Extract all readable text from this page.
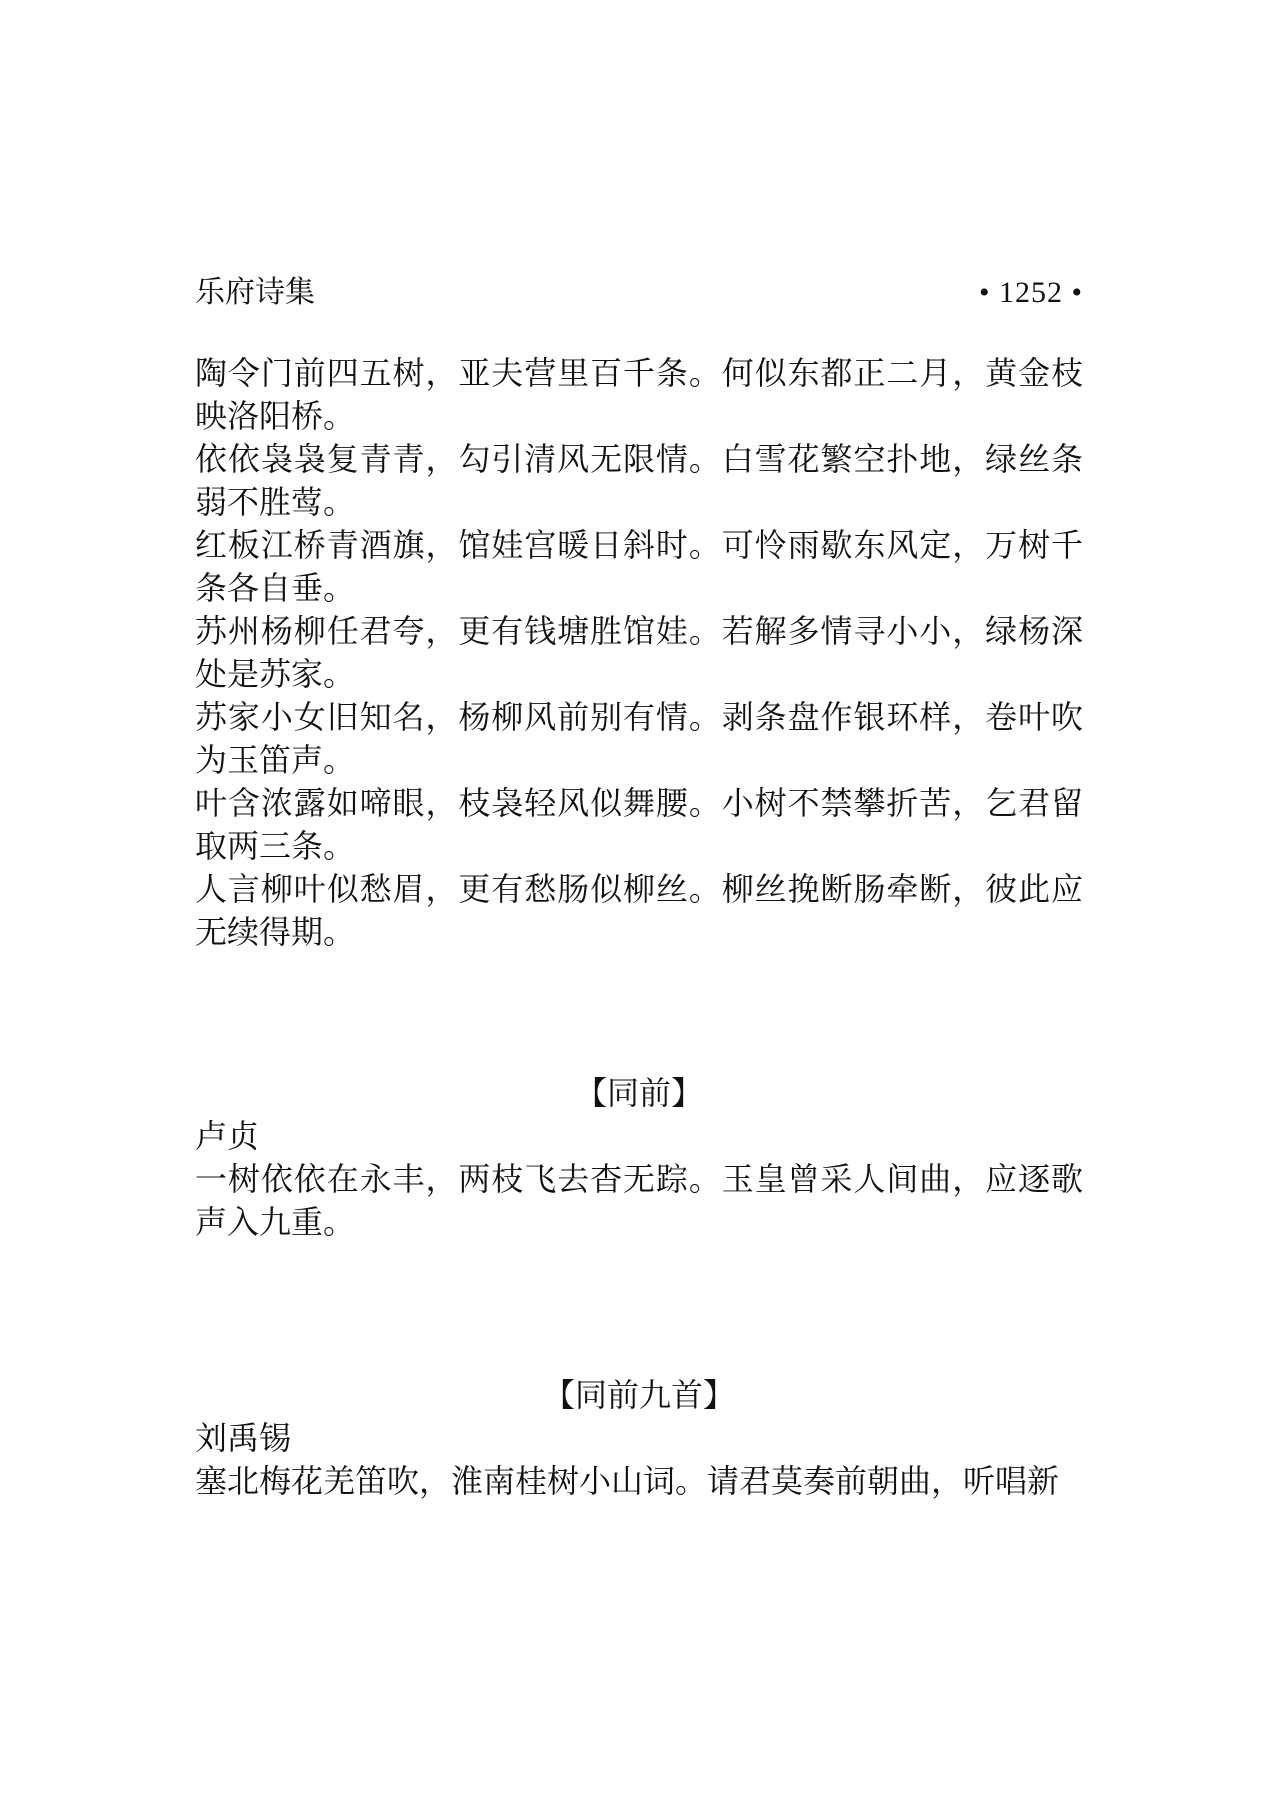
乐府诗集	• 1252 •

陶令门前四五树，亚夫营里百千条。何似东都正二月，黄金枝映洛阳桥。

依依袅袅复青青，勾引清风无限情。白雪花繁空扑地，绿丝条弱不胜莺。

红板江桥青酒旗，馆娃宫暖日斜时。可怜雨歇东风定，万树千条各自垂。

苏州杨柳任君夸，更有钱塘胜馆娃。若解多情寻小小，绿杨深处是苏家。

苏家小女旧知名，杨柳风前别有情。剥条盘作银环样，卷叶吹为玉笛声。

叶含浓露如啼眼，枝袅轻风似舞腰。小树不禁攀折苦，乞君留取两三条。

人言柳叶似愁眉，更有愁肠似柳丝。柳丝挽断肠牵断，彼此应无续得期。

【同前】

卢贞

一树依依在永丰，两枝飞去杳无踪。玉皇曾采人间曲，应逐歌声入九重。

【同前九首】

刘禹锡

塞北梅花羌笛吹，淮南桂树小山词。请君莫奏前朝曲，听唱新
